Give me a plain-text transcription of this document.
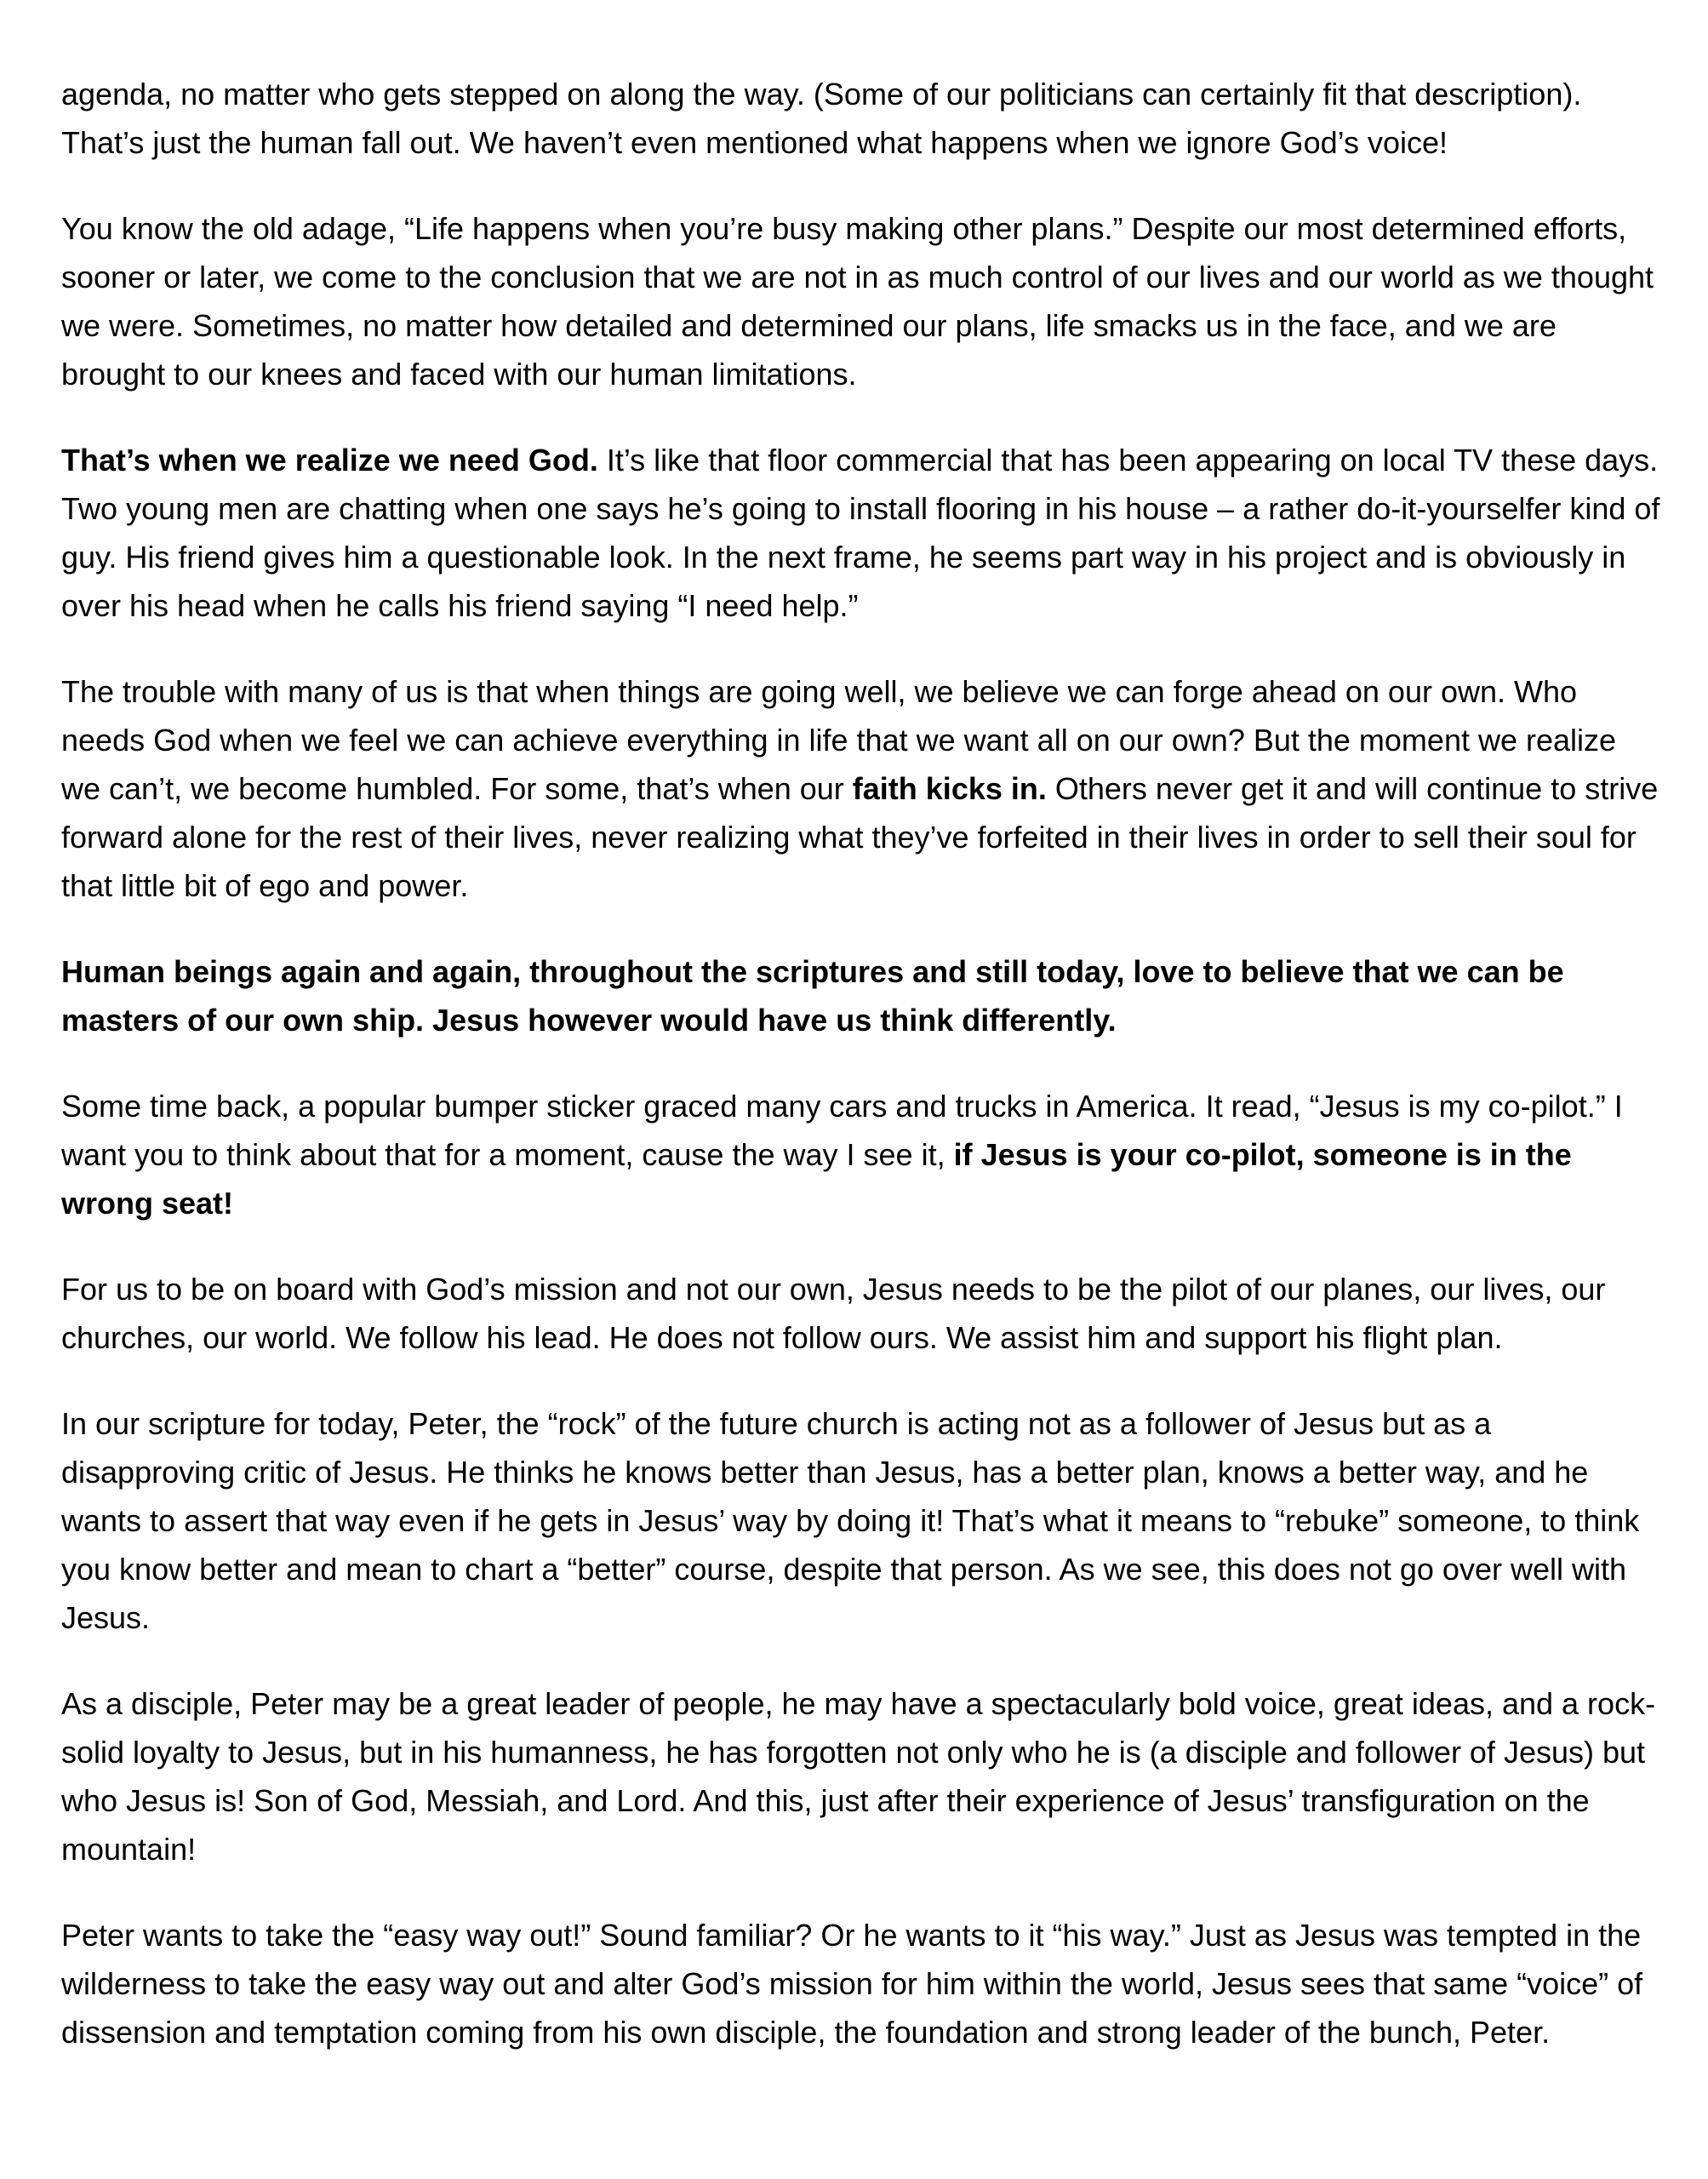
agenda, no matter who gets stepped on along the way. (Some of our politicians can certainly fit that description). That’s just the human fall out. We haven’t even mentioned what happens when we ignore God’s voice!

You know the old adage, “Life happens when you’re busy making other plans.” Despite our most determined efforts, sooner or later, we come to the conclusion that we are not in as much control of our lives and our world as we thought we were. Sometimes, no matter how detailed and determined our plans, life smacks us in the face, and we are brought to our knees and faced with our human limitations.

That’s when we realize we need God. It’s like that floor commercial that has been appearing on local TV these days. Two young men are chatting when one says he’s going to install flooring in his house – a rather do-it-yourselfer kind of guy. His friend gives him a questionable look. In the next frame, he seems part way in his project and is obviously in over his head when he calls his friend saying “I need help.”

The trouble with many of us is that when things are going well, we believe we can forge ahead on our own. Who needs God when we feel we can achieve everything in life that we want all on our own? But the moment we realize we can’t, we become humbled. For some, that’s when our faith kicks in. Others never get it and will continue to strive forward alone for the rest of their lives, never realizing what they’ve forfeited in their lives in order to sell their soul for that little bit of ego and power.

Human beings again and again, throughout the scriptures and still today, love to believe that we can be masters of our own ship. Jesus however would have us think differently.

Some time back, a popular bumper sticker graced many cars and trucks in America. It read, “Jesus is my co-pilot.” I want you to think about that for a moment, cause the way I see it, if Jesus is your co-pilot, someone is in the wrong seat!

For us to be on board with God’s mission and not our own, Jesus needs to be the pilot of our planes, our lives, our churches, our world. We follow his lead. He does not follow ours. We assist him and support his flight plan.

In our scripture for today, Peter, the “rock” of the future church is acting not as a follower of Jesus but as a disapproving critic of Jesus. He thinks he knows better than Jesus, has a better plan, knows a better way, and he wants to assert that way even if he gets in Jesus’ way by doing it! That’s what it means to “rebuke” someone, to think you know better and mean to chart a “better” course, despite that person. As we see, this does not go over well with Jesus.

As a disciple, Peter may be a great leader of people, he may have a spectacularly bold voice, great ideas, and a rock-solid loyalty to Jesus, but in his humanness, he has forgotten not only who he is (a disciple and follower of Jesus) but who Jesus is! Son of God, Messiah, and Lord. And this, just after their experience of Jesus’ transfiguration on the mountain!

Peter wants to take the “easy way out!” Sound familiar? Or he wants to it “his way.” Just as Jesus was tempted in the wilderness to take the easy way out and alter God’s mission for him within the world, Jesus sees that same “voice” of dissension and temptation coming from his own disciple, the foundation and strong leader of the bunch, Peter.
